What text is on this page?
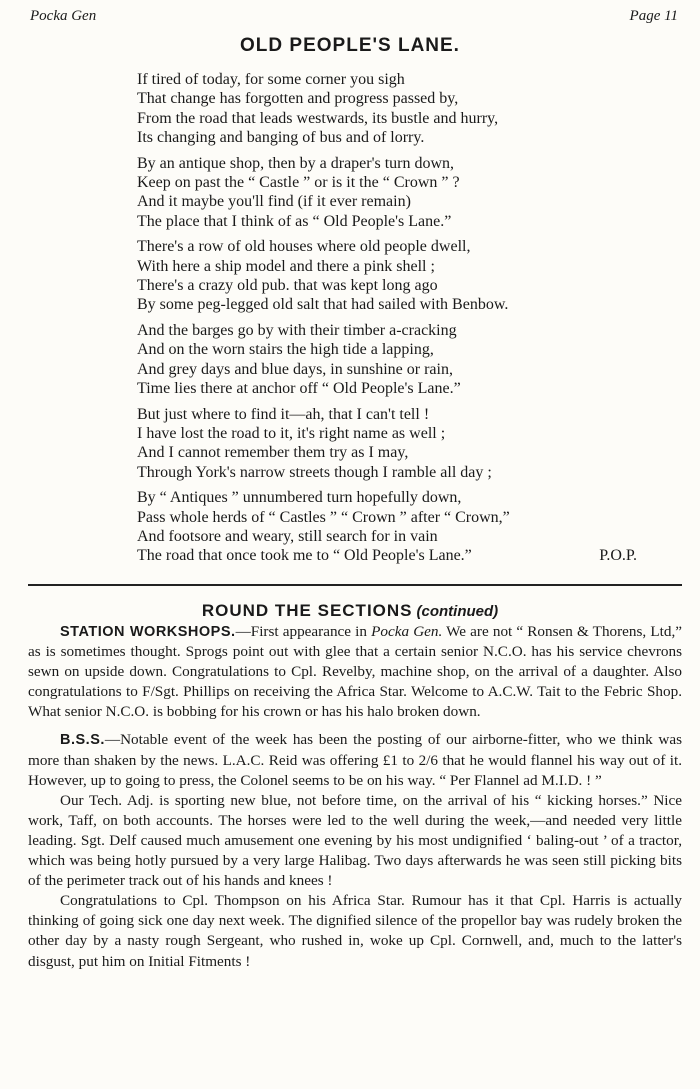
Pocka Gen	Page 11
OLD PEOPLE'S LANE.
If tired of today, for some corner you sigh
That change has forgotten and progress passed by,
From the road that leads westwards, its bustle and hurry,
Its changing and banging of bus and of lorry.
By an antique shop, then by a draper's turn down,
Keep on past the “ Castle ” or is it the “ Crown ” ?
And it maybe you'll find (if it ever remain)
The place that I think of as “ Old People's Lane.”
There's a row of old houses where old people dwell,
With here a ship model and there a pink shell ;
There's a crazy old pub. that was kept long ago
By some peg-legged old salt that had sailed with Benbow.
And the barges go by with their timber a-cracking
And on the worn stairs the high tide a lapping,
And grey days and blue days, in sunshine or rain,
Time lies there at anchor off “ Old People's Lane.”
But just where to find it—ah, that I can't tell !
I have lost the road to it, it's right name as well ;
And I cannot remember them try as I may,
Through York's narrow streets though I ramble all day ;
By “ Antiques ” unnumbered turn hopefully down,
Pass whole herds of “ Castles ” “ Crown ” after “ Crown,”
And footsore and weary, still search for in vain
The road that once took me to “ Old People's Lane.”	P.O.P.
ROUND THE SECTIONS (continued)

STATION WORKSHOPS.—First appearance in Pocka Gen. We are not “ Ronsen & Thorens, Ltd,” as is sometimes thought. Sprogs point out with glee that a certain senior N.C.O. has his service chevrons sewn on upside down. Congratulations to Cpl. Revelby, machine shop, on the arrival of a daughter. Also congratulations to F/Sgt. Phillips on receiving the Africa Star. Welcome to A.C.W. Tait to the Febric Shop. What senior N.C.O. is bobbing for his crown or has his halo broken down.

B.S.S.—Notable event of the week has been the posting of our airborne-fitter, who we think was more than shaken by the news. L.A.C. Reid was offering £1 to 2/6 that he would flannel his way out of it. However, up to going to press, the Colonel seems to be on his way. “ Per Flannel ad M.I.D. ! ”

Our Tech. Adj. is sporting new blue, not before time, on the arrival of his “ kicking horses.” Nice work, Taff, on both accounts. The horses were led to the well during the week,—and needed very little leading. Sgt. Delf caused much amusement one evening by his most undignified ‘ baling-out ’ of a tractor, which was being hotly pursued by a very large Halibag. Two days afterwards he was seen still picking bits of the perimeter track out of his hands and knees !

Congratulations to Cpl. Thompson on his Africa Star. Rumour has it that Cpl. Harris is actually thinking of going sick one day next week. The dignified silence of the propellor bay was rudely broken the other day by a nasty rough Sergeant, who rushed in, woke up Cpl. Cornwell, and, much to the latter's disgust, put him on Initial Fitments !
